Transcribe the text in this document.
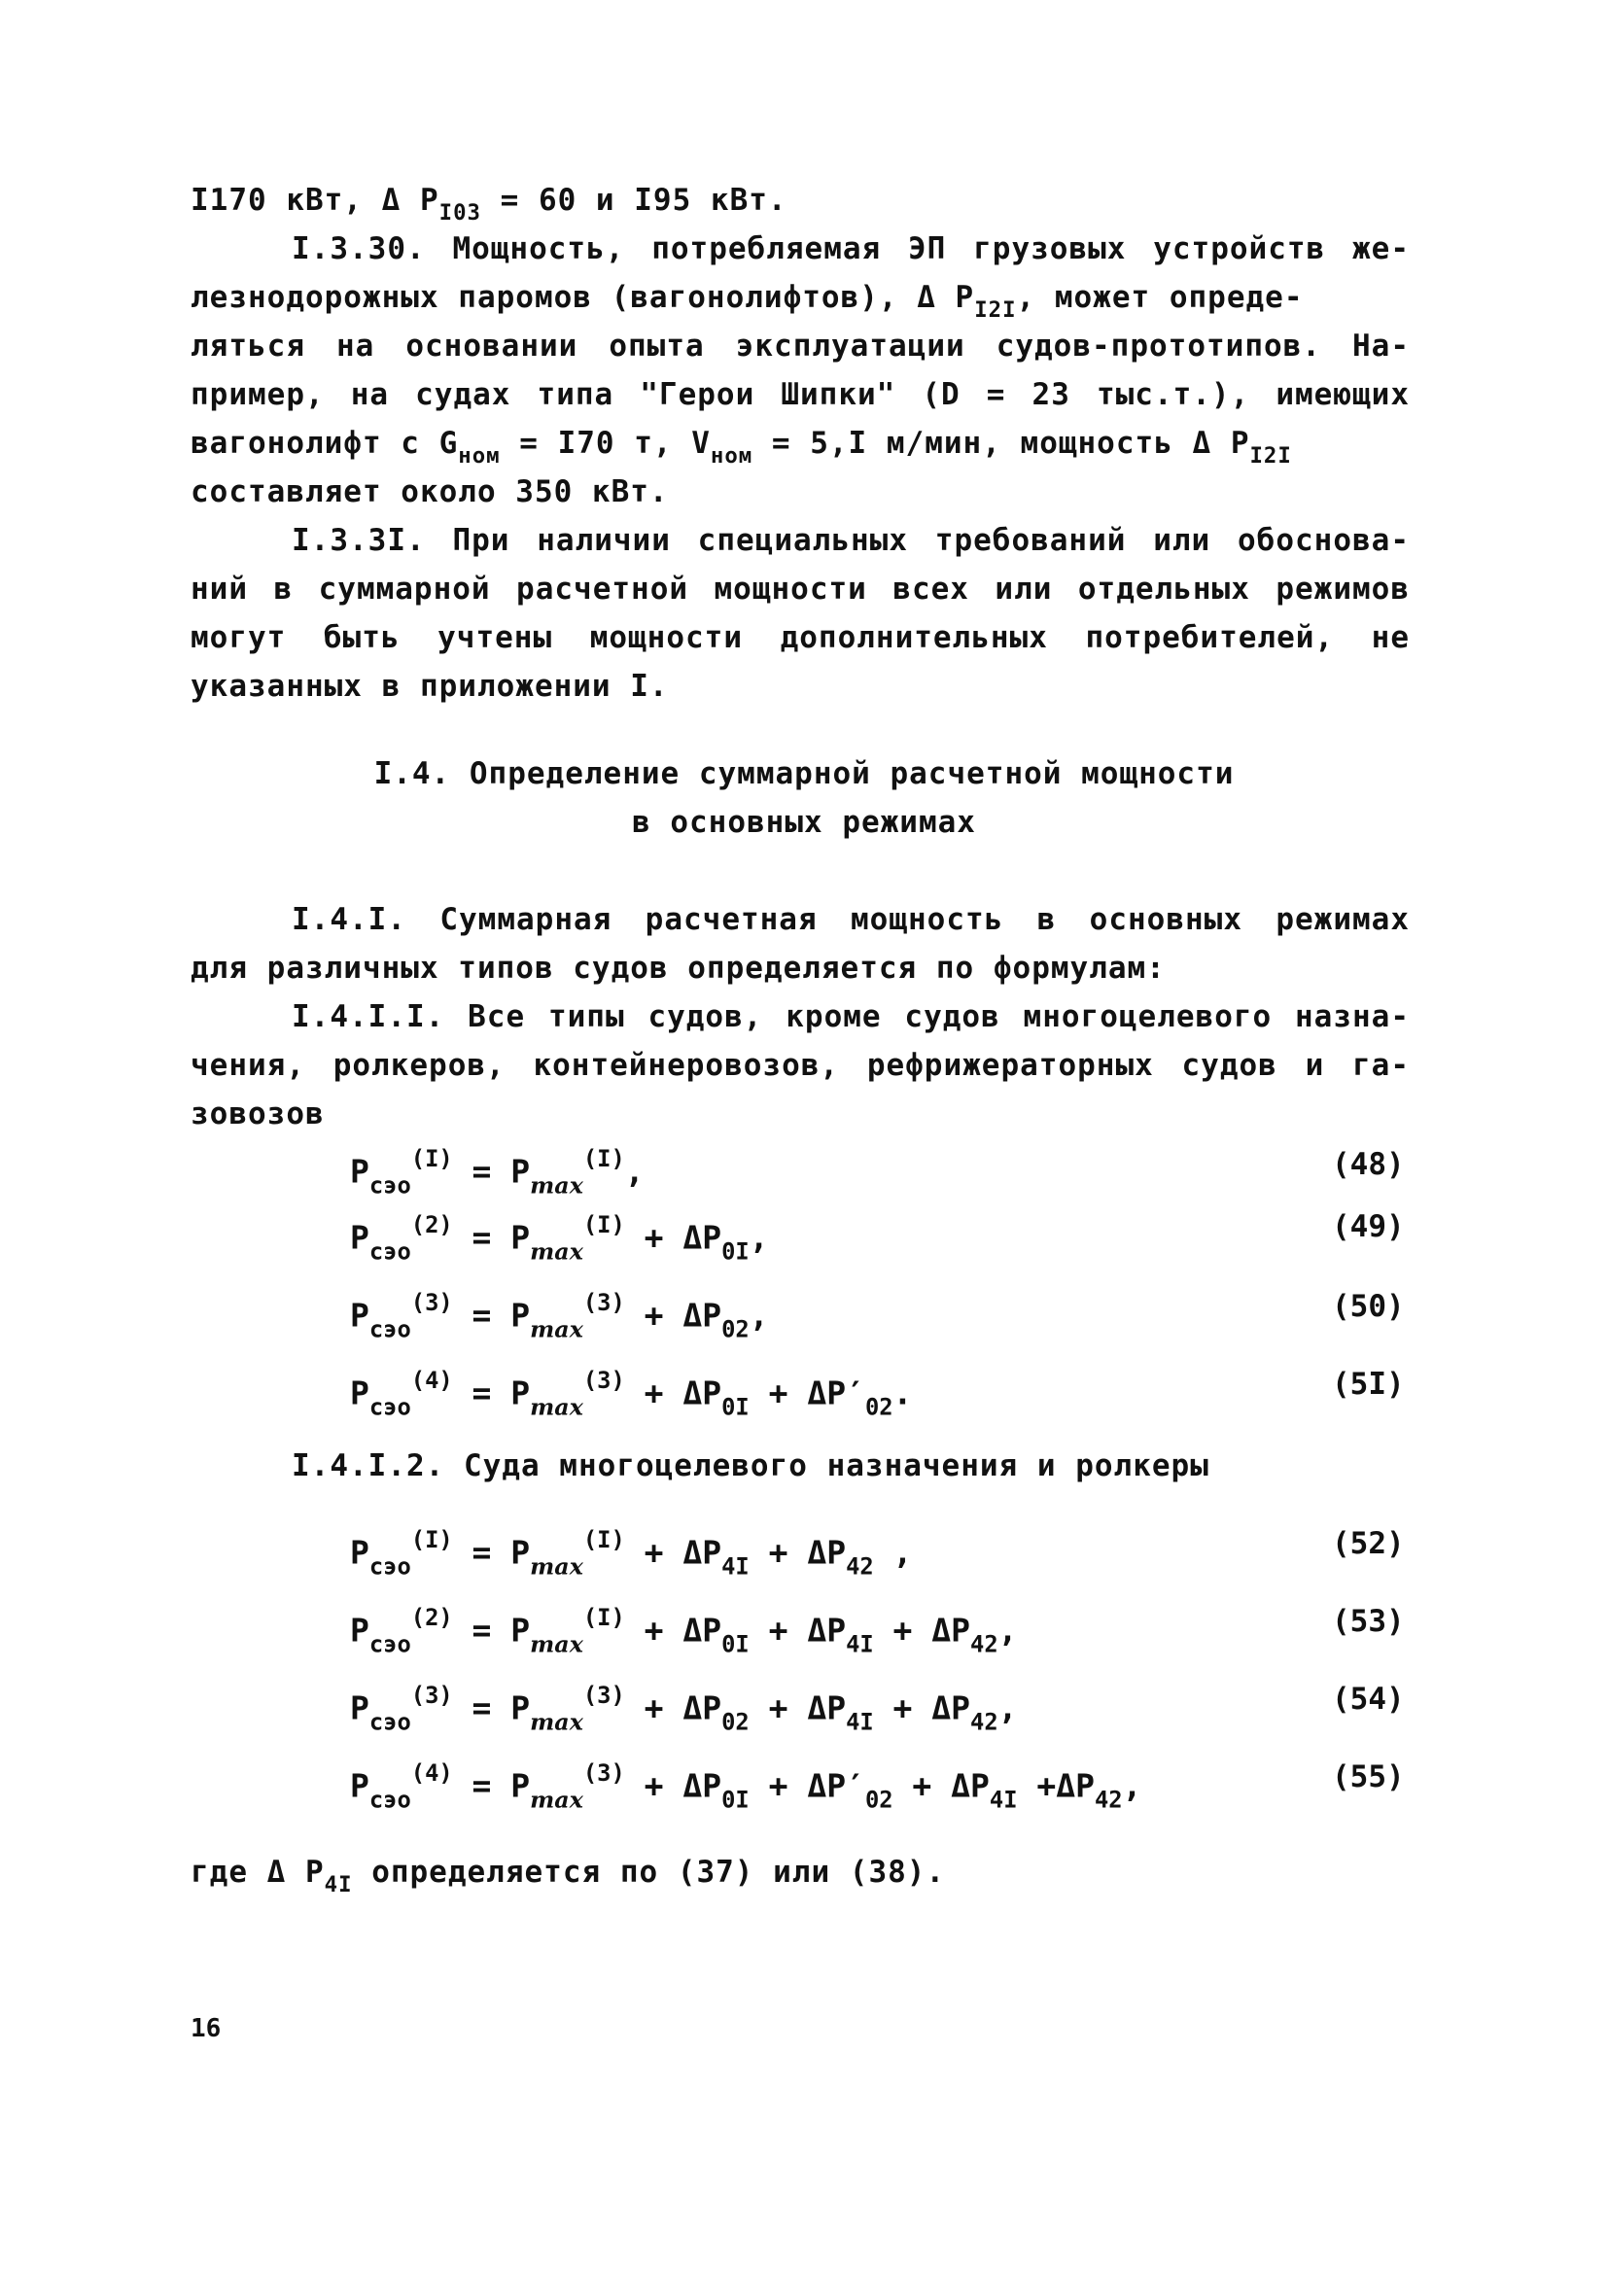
I170 кВт, Δ $P_{I03} = 60$ и I95 кВт.
I.3.30. Мощность, потребляемая ЭП грузовых устройств же-
лезнодорожных паромов (вагонолифтов), Δ $P_{I2I}$, может опреде-
ляться на основании опыта эксплуатации судов-прототипов. На-
пример, на судах типа "Герои Шипки" (D = 23 тыс.т.), имеющих
вагонолифт с $G_{ном} = I70$ т, $V_{ном} = 5,I$ м/мин, мощность Δ $P_{I2I}$
составляет около 350 кВт.
I.3.3I. При наличии специальных требований или обоснова-
ний в суммарной расчетной мощности всех или отдельных режимов
могут быть учтены мощности дополнительных потребителей, не
указанных в приложении I.
I.4. Определение суммарной расчетной мощности
в основных режимах
I.4.I. Суммарная расчетная мощность в основных режимах
для различных типов судов определяется по формулам:
I.4.I.I. Все типы судов, кроме судов многоцелевого назна-
чения, ролкеров, контейнеровозов, рефрижераторных судов и га-
зовозов
$P_{сэо}^{(I)} = P_{max}^{(I)}$,	(48)
$P_{сэо}^{(2)} = P_{max}^{(I)} + \Delta P_{0I}$,	(49)
$P_{сэо}^{(3)} = P_{max}^{(3)} + \Delta P_{02}$,	(50)
$P_{сэо}^{(4)} = P_{max}^{(3)} + \Delta P_{0I} + \Delta P'_{02}$.	(5I)
I.4.I.2. Суда многоцелевого назначения и ролкеры
$P_{сэо}^{(I)} = P_{max}^{(I)} + \Delta P_{4I} + \Delta P_{42}$ ,	(52)
$P_{сэо}^{(2)} = P_{max}^{(I)} + \Delta P_{0I} + \Delta P_{4I} + \Delta P_{42}$,	(53)
$P_{сэо}^{(3)} = P_{max}^{(3)} + \Delta P_{02} + \Delta P_{4I} + \Delta P_{42}$,	(54)
$P_{сэо}^{(4)} = P_{max}^{(3)} + \Delta P_{0I} + \Delta P'_{02} + \Delta P_{4I} +\Delta P_{42}$,	(55)
где Δ $P_{4I}$ определяется по (37) или (38).
16
